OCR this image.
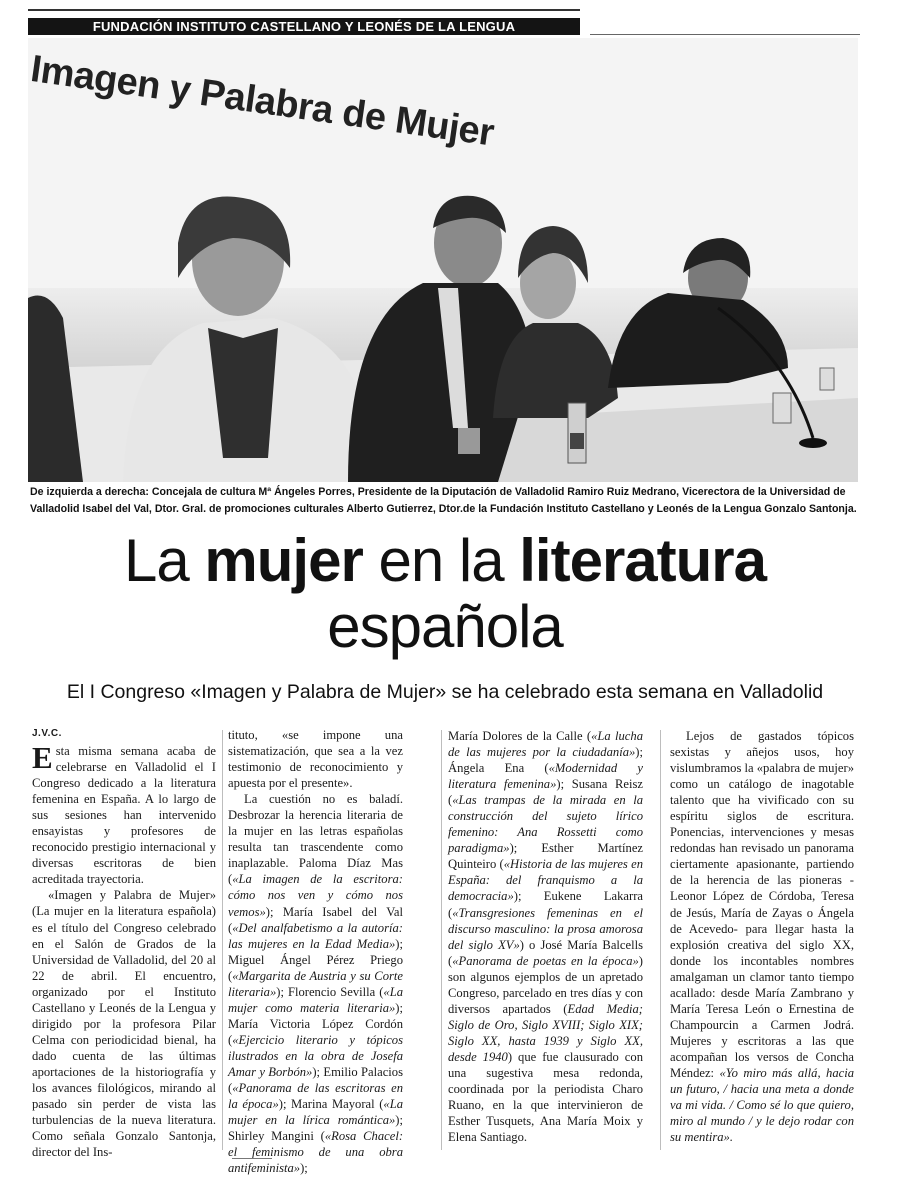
FUNDACIÓN INSTITUTO CASTELLANO Y LEONÉS DE LA LENGUA
Imagen y Palabra de Mujer
De izquierda a derecha: Concejala de cultura Mª Ángeles Porres, Presidente de la Diputación de Valladolid Ramiro Ruiz Medrano, Vicerectora de la Universidad de Valladolid Isabel del Val, Dtor. Gral. de promociones culturales Alberto Gutierrez, Dtor.de la Fundación Instituto Castellano y Leonés de la Lengua Gonzalo Santonja.
La mujer en la literatura
española
El I Congreso «Imagen y Palabra de Mujer» se ha celebrado esta semana en Valladolid

J.V.C.

Esta misma semana acaba de celebrarse en Valladolid el I Congreso dedicado a la literatura femenina en España. A lo largo de sus sesiones han intervenido ensayistas y profesores de reconocido prestigio internacional y diversas escritoras de bien acreditada trayectoria.

«Imagen y Palabra de Mujer» (La mujer en la literatura española) es el título del Congreso celebrado en el Salón de Grados de la Universidad de Valladolid, del 20 al 22 de abril. El encuentro, organizado por el Instituto Castellano y Leonés de la Lengua y dirigido por la profesora Pilar Celma con periodicidad bienal, ha dado cuenta de las últimas aportaciones de la historiografía y los avances filológicos, mirando al pasado sin perder de vista las turbulencias de la nueva literatura. Como señala Gonzalo Santonja, director del Ins-

tituto, «se impone una sistematización, que sea a la vez testimonio de reconocimiento y apuesta por el presente».

La cuestión no es baladí. Desbrozar la herencia literaria de la mujer en las letras españolas resulta tan trascendente como inaplazable. Paloma Díaz Mas («La imagen de la escritora: cómo nos ven y cómo nos vemos»); María Isabel del Val («Del analfabetismo a la autoría: las mujeres en la Edad Media»); Miguel Ángel Pérez Priego («Margarita de Austria y su Corte literaria»); Florencio Sevilla («La mujer como materia literaria»); María Victoria López Cordón («Ejercicio literario y tópicos ilustrados en la obra de Josefa Amar y Borbón»); Emilio Palacios («Panorama de las escritoras en la época»); Marina Mayoral («La mujer en la lírica romántica»); Shirley Mangini («Rosa Chacel: el feminismo de una obra antifeminista»);

María Dolores de la Calle («La lucha de las mujeres por la ciudadanía»); Ángela Ena («Modernidad y literatura femenina»); Susana Reisz («Las trampas de la mirada en la construcción del sujeto lírico femenino: Ana Rossetti como paradigma»); Esther Martínez Quinteiro («Historia de las mujeres en España: del franquismo a la democracia»); Eukene Lakarra («Transgresiones femeninas en el discurso masculino: la prosa amorosa del siglo XV») o José María Balcells («Panorama de poetas en la época») son algunos ejemplos de un apretado Congreso, parcelado en tres días y con diversos apartados (Edad Media; Siglo de Oro, Siglo XVIII; Siglo XIX; Siglo XX, hasta 1939 y Siglo XX, desde 1940) que fue clausurado con una sugestiva mesa redonda, coordinada por la periodista Charo Ruano, en la que intervinieron de Esther Tusquets, Ana María Moix y Elena Santiago.

Lejos de gastados tópicos sexistas y añejos usos, hoy vislumbramos la «palabra de mujer» como un catálogo de inagotable talento que ha vivificado con su espíritu siglos de escritura. Ponencias, intervenciones y mesas redondas han revisado un panorama ciertamente apasionante, partiendo de la herencia de las pioneras -Leonor López de Córdoba, Teresa de Jesús, María de Zayas o Ángela de Acevedo- para llegar hasta la explosión creativa del siglo XX, donde los incontables nombres amalgaman un clamor tanto tiempo acallado: desde María Zambrano y María Teresa León o Ernestina de Champourcin a Carmen Jodrá. Mujeres y escritoras a las que acompañan los versos de Concha Méndez: «Yo miro más allá, hacia un futuro, / hacia una meta a donde va mi vida. / Como sé lo que quiero, miro al mundo / y le dejo rodar con su mentira».
